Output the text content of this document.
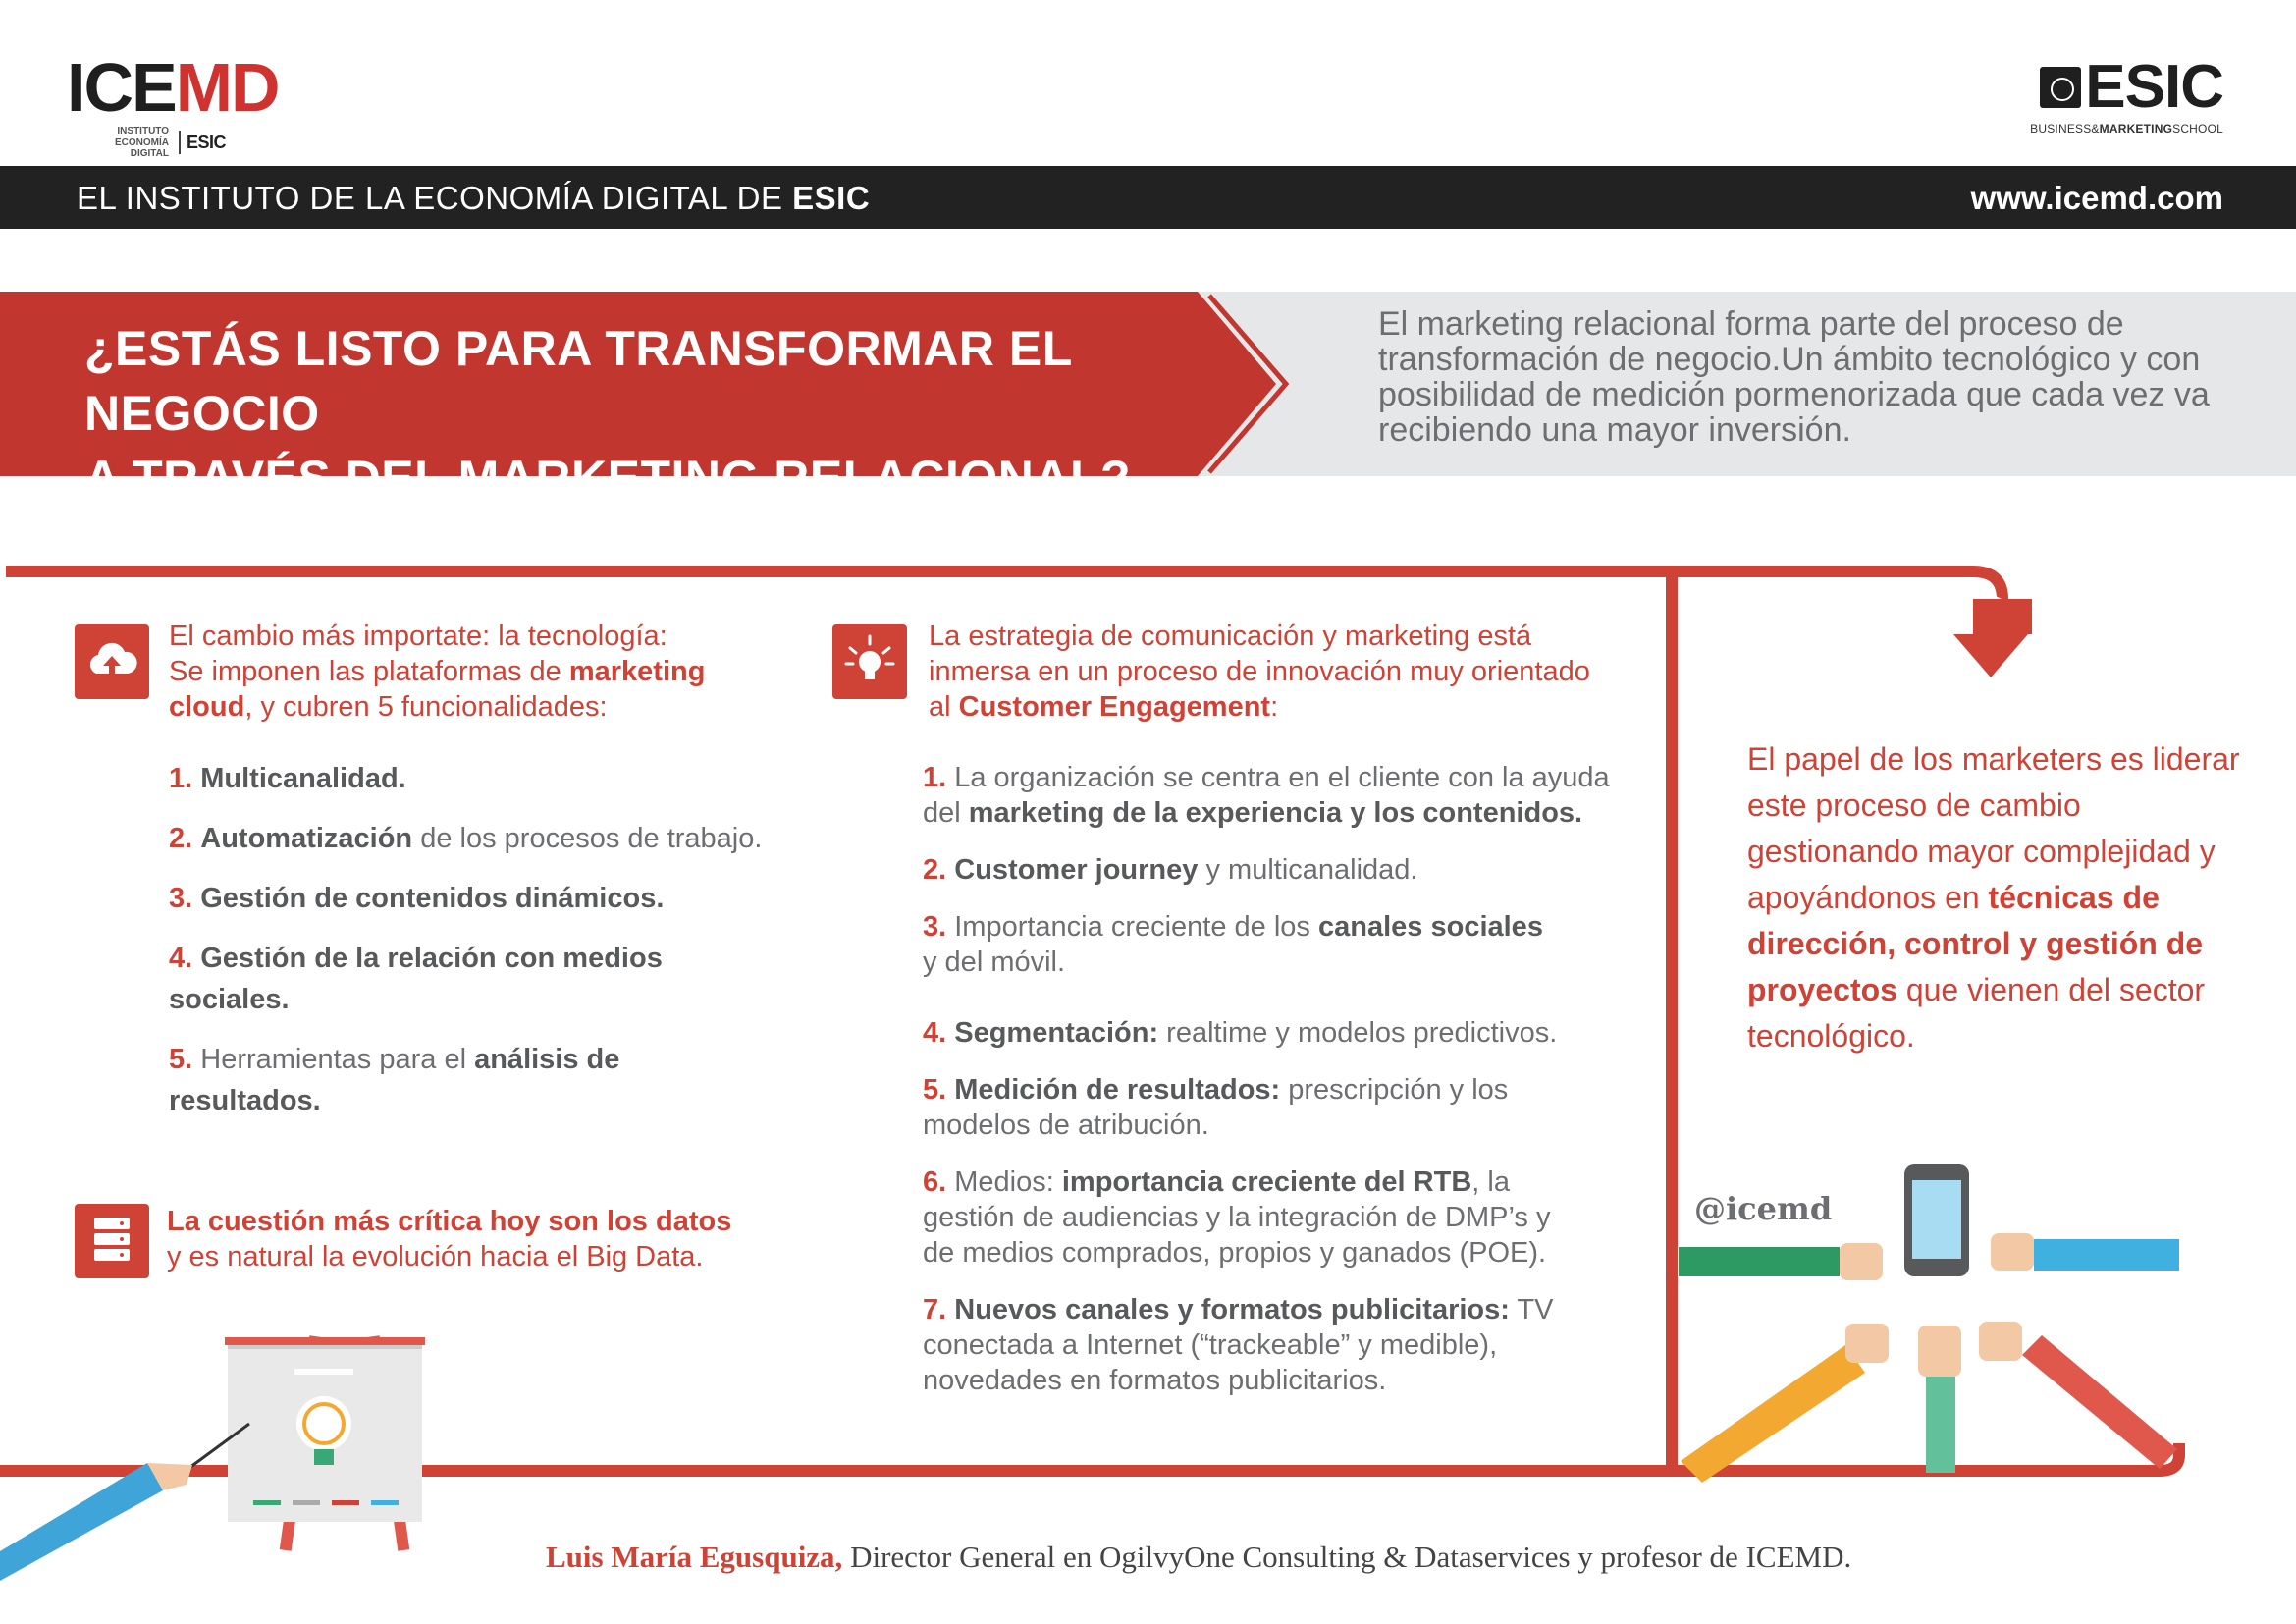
ICEMD
INSTITUTO ECONOMÍA
DIGITAL
ESIC
ESIC
BUSINESS&MARKETINGSCHOOL
EL INSTITUTO DE LA ECONOMÍA DIGITAL DE ESIC	www.icemd.com
¿ESTÁS LISTO PARA TRANSFORMAR EL NEGOCIO
A TRAVÉS DEL MARKETING RELACIONAL?
El marketing relacional forma parte del proceso de transformación de negocio.Un ámbito tecnológico y con posibilidad de medición pormenorizada que cada vez va recibiendo una mayor inversión.
El cambio más importate: la tecnología:
Se imponen las plataformas de marketing
cloud, y cubren 5 funcionalidades:
1. Multicanalidad.
2. Automatización de los procesos de trabajo.
3. Gestión de contenidos dinámicos.
4. Gestión de la relación con medios sociales.
5. Herramientas para el análisis de resultados.
La cuestión más crítica hoy son los datos
y es natural la evolución hacia el Big Data.
La estrategia de comunicación y marketing está
inmersa en un proceso de innovación muy orientado
al Customer Engagement:
1. La organización se centra en el cliente con la ayuda del marketing de la experiencia y los contenidos.
2. Customer journey y multicanalidad.
3. Importancia creciente de los canales sociales y del móvil.
4. Segmentación: realtime y modelos predictivos.
5. Medición de resultados: prescripción y los modelos de atribución.
6. Medios: importancia creciente del RTB, la gestión de audiencias y la integración de DMP’s y de medios comprados, propios y ganados (POE).
7. Nuevos canales y formatos publicitarios: TV conectada a Internet (“trackeable” y medible), novedades en formatos publicitarios.
El papel de los marketers es liderar este proceso de cambio gestionando mayor complejidad y apoyándonos en técnicas de dirección, control y gestión de proyectos que vienen del sector tecnológico.
@icemd
Luis María Egusquiza, Director General en OgilvyOne Consulting & Dataservices y profesor de ICEMD.
